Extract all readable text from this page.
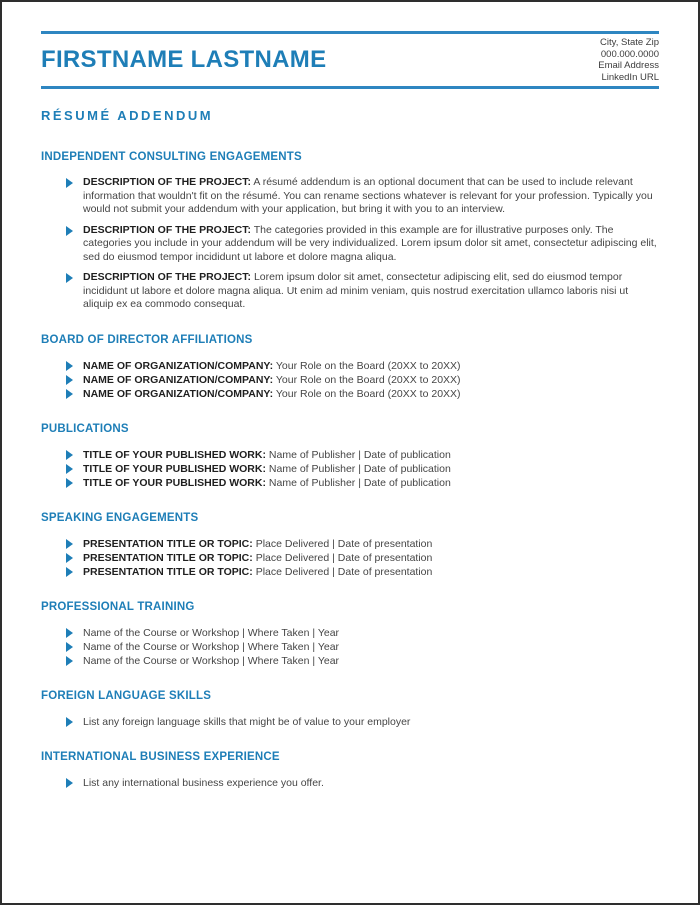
FIRSTNAME LASTNAME
City, State Zip
000.000.0000
Email Address
LinkedIn URL
RÉSUMÉ ADDENDUM
INDEPENDENT CONSULTING ENGAGEMENTS
DESCRIPTION OF THE PROJECT: A résumé addendum is an optional document that can be used to include relevant information that wouldn't fit on the résumé. You can rename sections whatever is relevant for your profession. Typically you would not submit your addendum with your application, but bring it with you to an interview.
DESCRIPTION OF THE PROJECT: The categories provided in this example are for illustrative purposes only. The categories you include in your addendum will be very individualized. Lorem ipsum dolor sit amet, consectetur adipiscing elit, sed do eiusmod tempor incididunt ut labore et dolore magna aliqua.
DESCRIPTION OF THE PROJECT: Lorem ipsum dolor sit amet, consectetur adipiscing elit, sed do eiusmod tempor incididunt ut labore et dolore magna aliqua. Ut enim ad minim veniam, quis nostrud exercitation ullamco laboris nisi ut aliquip ex ea commodo consequat.
BOARD OF DIRECTOR AFFILIATIONS
NAME OF ORGANIZATION/COMPANY: Your Role on the Board (20XX to 20XX)
NAME OF ORGANIZATION/COMPANY: Your Role on the Board (20XX to 20XX)
NAME OF ORGANIZATION/COMPANY: Your Role on the Board (20XX to 20XX)
PUBLICATIONS
TITLE OF YOUR PUBLISHED WORK: Name of Publisher | Date of publication
TITLE OF YOUR PUBLISHED WORK: Name of Publisher | Date of publication
TITLE OF YOUR PUBLISHED WORK: Name of Publisher | Date of publication
SPEAKING ENGAGEMENTS
PRESENTATION TITLE OR TOPIC: Place Delivered | Date of presentation
PRESENTATION TITLE OR TOPIC: Place Delivered | Date of presentation
PRESENTATION TITLE OR TOPIC: Place Delivered | Date of presentation
PROFESSIONAL TRAINING
Name of the Course or Workshop | Where Taken | Year
Name of the Course or Workshop | Where Taken | Year
Name of the Course or Workshop | Where Taken | Year
FOREIGN LANGUAGE SKILLS
List any foreign language skills that might be of value to your employer
INTERNATIONAL BUSINESS EXPERIENCE
List any international business experience you offer.
